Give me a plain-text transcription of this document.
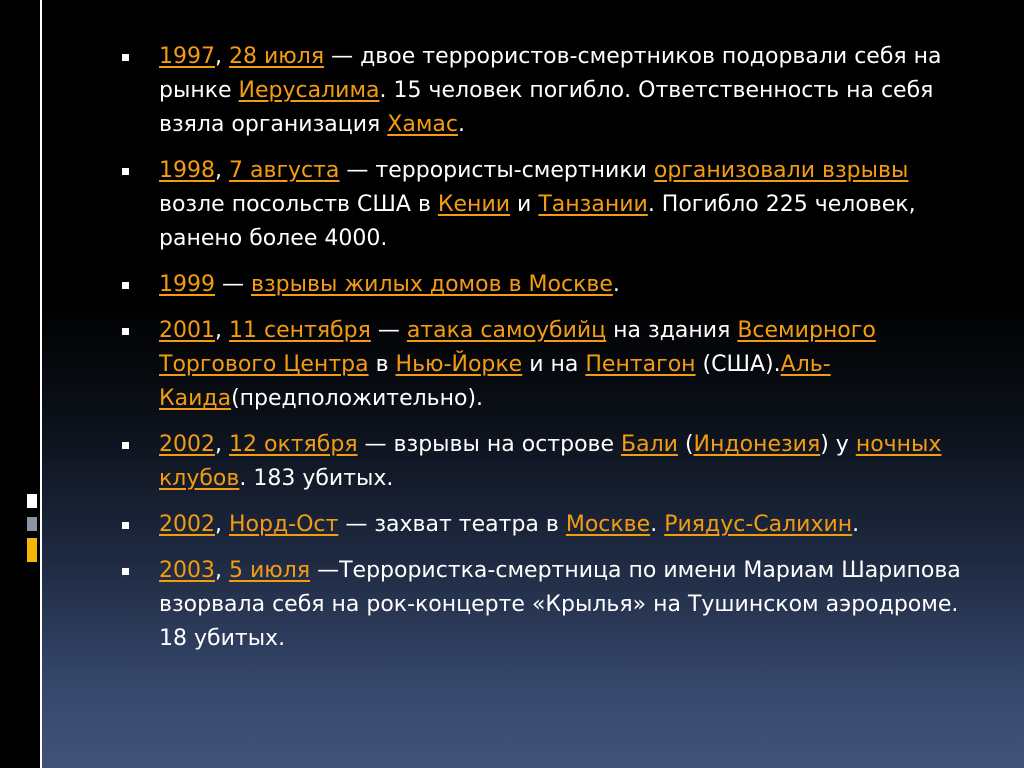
1997, 28 июля — двое террористов-смертников подорвали себя на рынке Иерусалима. 15 человек погибло. Ответственность на себя взяла организация Хамас.
1998, 7 августа — террористы-смертники организовали взрывы возле посольств США в Кении и Танзании. Погибло 225 человек, ранено более 4000.
1999 — взрывы жилых домов в Москве.
2001, 11 сентября — атака самоубийц на здания Всемирного Торгового Центра в Нью-Йорке и на Пентагон (США).Аль-Каида(предположительно).
2002, 12 октября — взрывы на острове Бали (Индонезия) у ночных клубов. 183 убитых.
2002, Норд-Ост — захват театра в Москве. Риядус-Салихин.
2003, 5 июля —Террористка-смертница по имени Мариам Шарипова взорвала себя на рок-концерте «Крылья» на Тушинском аэродроме. 18 убитых.
